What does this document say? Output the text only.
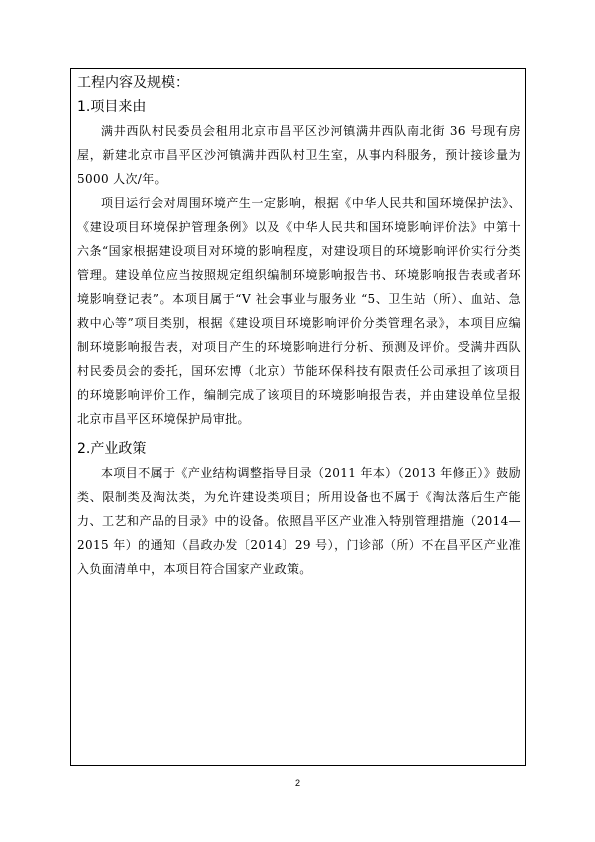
工程内容及规模：

1.项目来由

满井西队村民委员会租用北京市昌平区沙河镇满井西队南北街 36 号现有房屋，新建北京市昌平区沙河镇满井西队村卫生室，从事内科服务，预计接诊量为 5000 人次/年。

项目运行会对周围环境产生一定影响，根据《中华人民共和国环境保护法》、《建设项目环境保护管理条例》以及《中华人民共和国环境影响评价法》中第十六条“国家根据建设项目对环境的影响程度，对建设项目的环境影响评价实行分类管理。建设单位应当按照规定组织编制环境影响报告书、环境影响报告表或者环境影响登记表”。本项目属于“Ⅴ 社会事业与服务业 “5、卫生站（所）、血站、急救中心等”项目类别，根据《建设项目环境影响评价分类管理名录》，本项目应编制环境影响报告表，对项目产生的环境影响进行分析、预测及评价。受满井西队村民委员会的委托，国环宏博（北京）节能环保科技有限责任公司承担了该项目的环境影响评价工作，编制完成了该项目的环境影响报告表，并由建设单位呈报北京市昌平区环境保护局审批。

2.产业政策

本项目不属于《产业结构调整指导目录（2011 年本）（2013 年修正）》鼓励类、限制类及淘汰类，为允许建设类项目；所用设备也不属于《淘汰落后生产能力、工艺和产品的目录》中的设备。依照昌平区产业准入特别管理措施（2014—2015 年）的通知（昌政办发〔2014〕29 号），门诊部（所）不在昌平区产业准入负面清单中，本项目符合国家产业政策。

2
